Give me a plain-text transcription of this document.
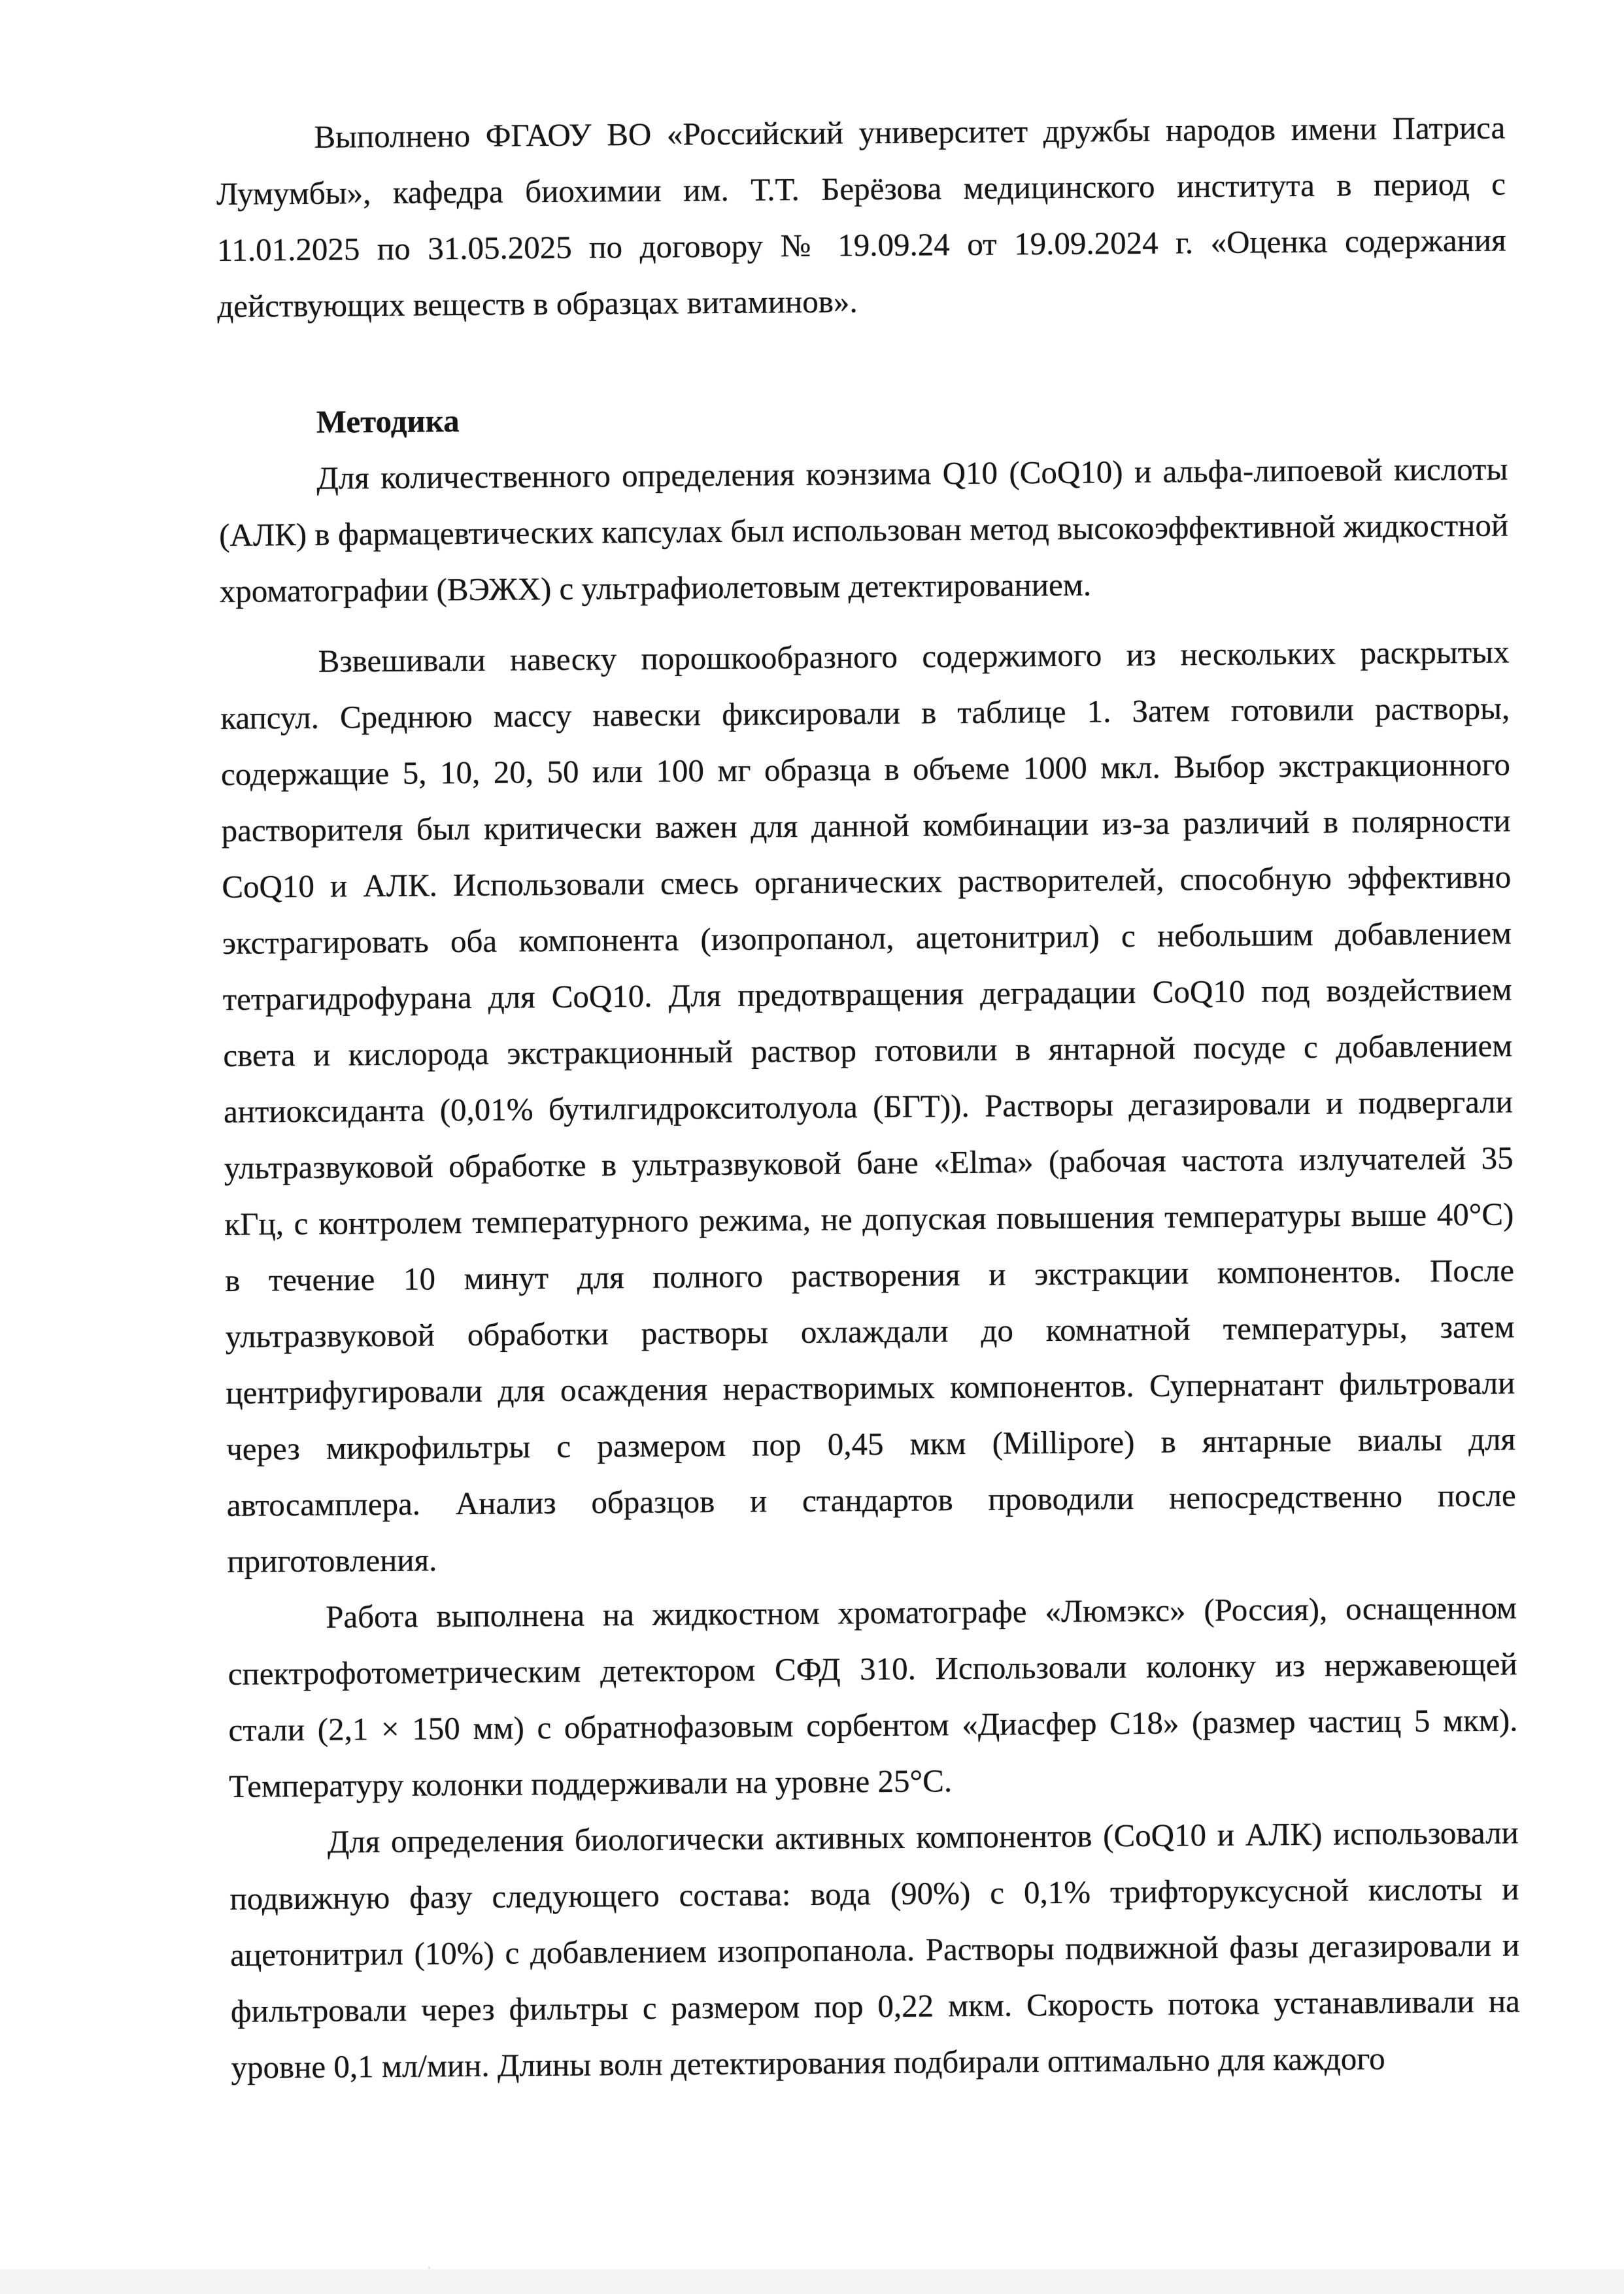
Выполнено ФГАОУ ВО «Российский университет дружбы народов имени Патриса Лумумбы», кафедра биохимии им. Т.Т. Берёзова медицинского института в период с 11.01.2025 по 31.05.2025 по договору № 19.09.24 от 19.09.2024 г. «Оценка содержания действующих веществ в образцах витаминов».

Методика

Для количественного определения коэнзима Q10 (CoQ10) и альфа-липоевой кислоты (АЛК) в фармацевтических капсулах был использован метод высокоэффективной жидкостной хроматографии (ВЭЖХ) с ультрафиолетовым детектированием.

Взвешивали навеску порошкообразного содержимого из нескольких раскрытых капсул. Среднюю массу навески фиксировали в таблице 1. Затем готовили растворы, содержащие 5, 10, 20, 50 или 100 мг образца в объеме 1000 мкл. Выбор экстракционного растворителя был критически важен для данной комбинации из-за различий в полярности CoQ10 и АЛК. Использовали смесь органических растворителей, способную эффективно экстрагировать оба компонента (изопропанол, ацетонитрил) с небольшим добавлением тетрагидрофурана для CoQ10. Для предотвращения деградации CoQ10 под воздействием света и кислорода экстракционный раствор готовили в янтарной посуде с добавлением антиоксиданта (0,01% бутилгидрокситолуола (БГТ)). Растворы дегазировали и подвергали ультразвуковой обработке в ультразвуковой бане «Elma» (рабочая частота излучателей 35 кГц, с контролем температурного режима, не допуская повышения температуры выше 40°C) в течение 10 минут для полного растворения и экстракции компонентов. После ультразвуковой обработки растворы охлаждали до комнатной температуры, затем центрифугировали для осаждения нерастворимых компонентов. Супернатант фильтровали через микрофильтры с размером пор 0,45 мкм (Millipore) в янтарные виалы для автосамплера. Анализ образцов и стандартов проводили непосредственно после приготовления.

Работа выполнена на жидкостном хроматографе «Люмэкс» (Россия), оснащенном спектрофотометрическим детектором СФД 310. Использовали колонку из нержавеющей стали (2,1 × 150 мм) с обратнофазовым сорбентом «Диасфер С18» (размер частиц 5 мкм). Температуру колонки поддерживали на уровне 25°C.

Для определения биологически активных компонентов (CoQ10 и АЛК) использовали подвижную фазу следующего состава: вода (90%) с 0,1% трифторуксусной кислоты и ацетонитрил (10%) с добавлением изопропанола. Растворы подвижной фазы дегазировали и фильтровали через фильтры с размером пор 0,22 мкм. Скорость потока устанавливали на уровне 0,1 мл/мин. Длины волн детектирования подбирали оптимально для каждого
